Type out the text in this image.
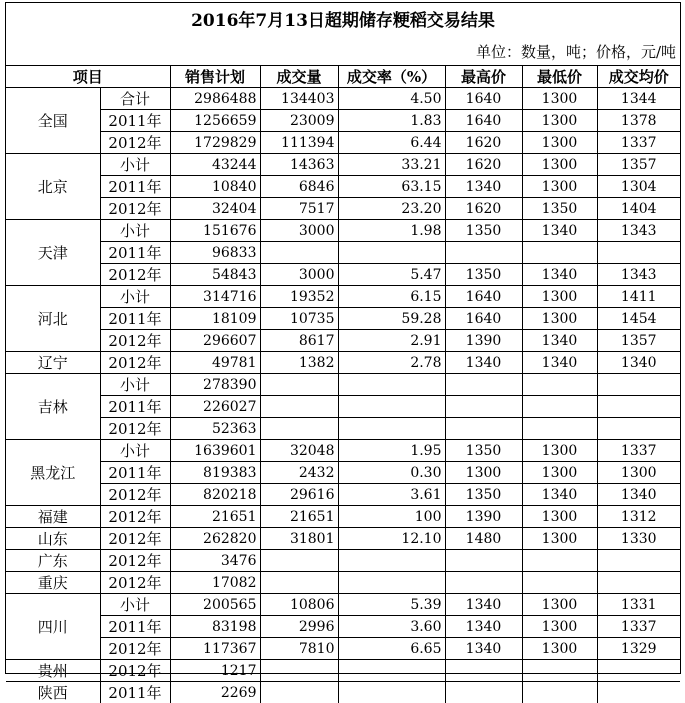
2016年7月13日超期储存粳稻交易结果
单位：数量，吨；价格，元/吨
项目		销售计划	成交量	成交率（%）	最高价	最低价	成交均价
全国	合计	2986488	134403	4.50	1640	1300	1344
	2011年	1256659	23009	1.83	1640	1300	1378
	2012年	1729829	111394	6.44	1620	1300	1337
北京	小计	43244	14363	33.21	1620	1300	1357
	2011年	10840	6846	63.15	1340	1300	1304
	2012年	32404	7517	23.20	1620	1350	1404
天津	小计	151676	3000	1.98	1350	1340	1343
	2011年	96833					
	2012年	54843	3000	5.47	1350	1340	1343
河北	小计	314716	19352	6.15	1640	1300	1411
	2011年	18109	10735	59.28	1640	1300	1454
	2012年	296607	8617	2.91	1390	1340	1357
辽宁	2012年	49781	1382	2.78	1340	1340	1340
吉林	小计	278390					
	2011年	226027					
	2012年	52363					
黑龙江	小计	1639601	32048	1.95	1350	1300	1337
	2011年	819383	2432	0.30	1300	1300	1300
	2012年	820218	29616	3.61	1350	1340	1340
福建	2012年	21651	21651	100	1390	1300	1312
山东	2012年	262820	31801	12.10	1480	1300	1330
广东	2012年	3476					
重庆	2012年	17082					
四川	小计	200565	10806	5.39	1340	1300	1331
	2011年	83198	2996	3.60	1340	1300	1337
	2012年	117367	7810	6.65	1340	1300	1329
贵州	2012年	1217					
陕西	2011年	2269					
